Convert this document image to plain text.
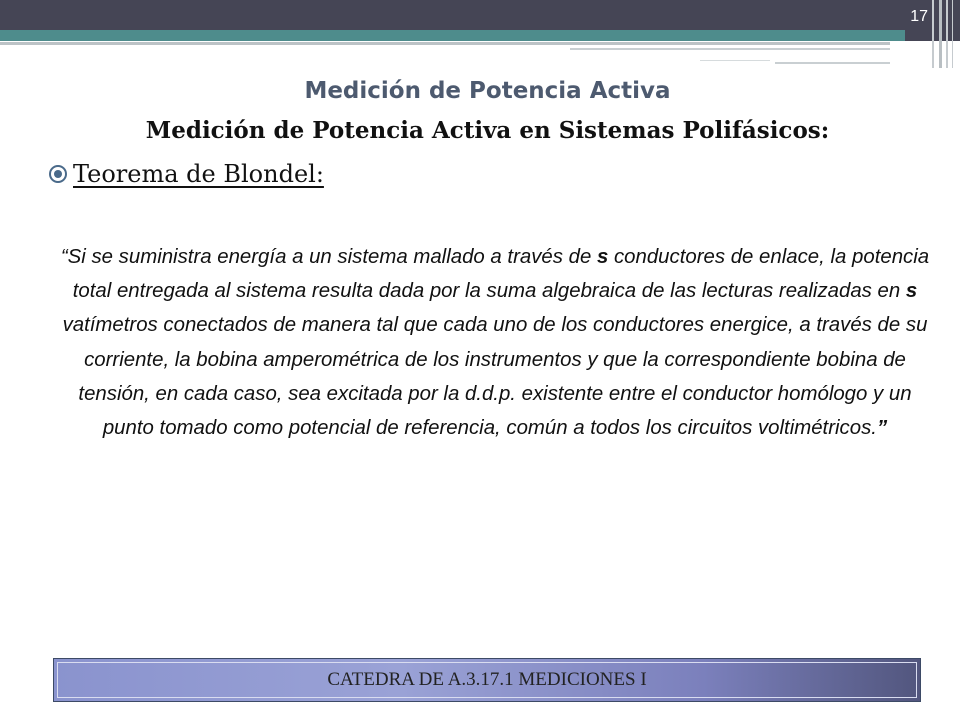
17
Medición de Potencia Activa
Medición de Potencia Activa en Sistemas Polifásicos:
Teorema de Blondel:

“Si se suministra energía a un sistema mallado a través de s conductores de enlace, la potencia total entregada al sistema resulta dada por la suma algebraica de las lecturas realizadas en s vatímetros conectados de manera tal que cada uno de los conductores energice, a través de su corriente, la bobina amperométrica de los instrumentos y que la correspondiente bobina de tensión, en cada caso, sea excitada por la d.d.p. existente entre el conductor homólogo y un punto tomado como potencial de referencia, común a todos los circuitos voltimétricos.”

CATEDRA DE A.3.17.1 MEDICIONES I
